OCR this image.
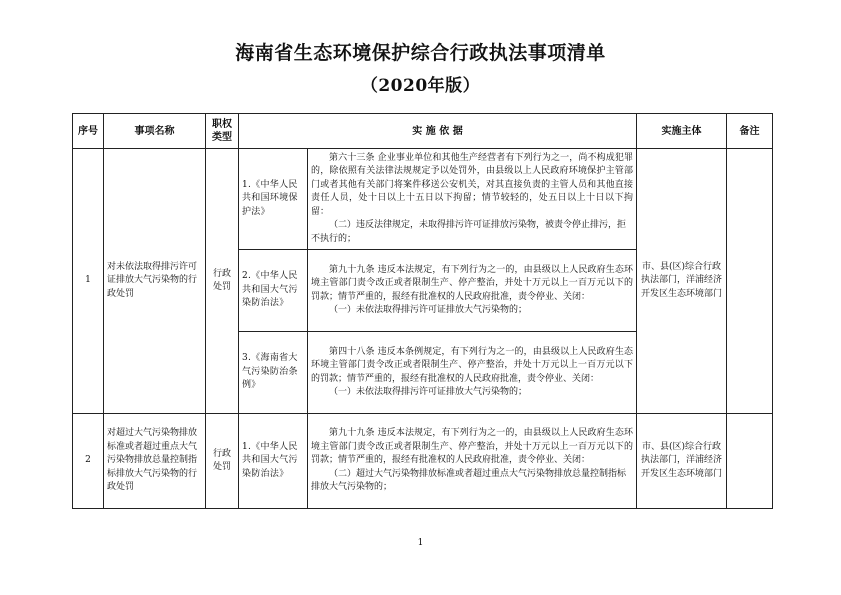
海南省生态环境保护综合行政执法事项清单
（2020年版）
序号	事项名称	职权类型	实 施 依 据		实施主体	备注
1	对未依法取得排污许可证排放大气污染物的行政处罚	行政处罚	1.《中华人民共和国环境保护法》	第六十三条 企业事业单位和其他生产经营者有下列行为之一，尚不构成犯罪的，除依照有关法律法规规定予以处罚外，由县级以上人民政府环境保护主管部门或者其他有关部门将案件移送公安机关，对其直接负责的主管人员和其他直接责任人员，处十日以上十五日以下拘留；情节较轻的，处五日以上十日以下拘留：
（二）违反法律规定，未取得排污许可证排放污染物，被责令停止排污，拒不执行的；	市、县(区)综合行政执法部门，洋浦经济开发区生态环境部门	
			2.《中华人民共和国大气污染防治法》	第九十九条 违反本法规定，有下列行为之一的，由县级以上人民政府生态环境主管部门责令改正或者限制生产、停产整治，并处十万元以上一百万元以下的罚款；情节严重的，报经有批准权的人民政府批准，责令停业、关闭：
（一）未依法取得排污许可证排放大气污染物的；		

			3.《海南省大气污染防治条例》	第四十八条 违反本条例规定，有下列行为之一的，由县级以上人民政府生态环境主管部门责令改正或者限制生产、停产整治，并处十万元以上一百万元以下的罚款；情节严重的，报经有批准权的人民政府批准，责令停业、关闭：
（一）未依法取得排污许可证排放大气污染物的；		

2	对超过大气污染物排放标准或者超过重点大气污染物排放总量控制指标排放大气污染物的行政处罚	行政处罚	1.《中华人民共和国大气污染防治法》	第九十九条 违反本法规定，有下列行为之一的，由县级以上人民政府生态环境主管部门责令改正或者限制生产、停产整治，并处十万元以上一百万元以下的罚款；情节严重的，报经有批准权的人民政府批准，责令停业、关闭：
（二）超过大气污染物排放标准或者超过重点大气污染物排放总量控制指标排放大气污染物的；	市、县(区)综合行政执法部门，洋浦经济开发区生态环境部门	
1
